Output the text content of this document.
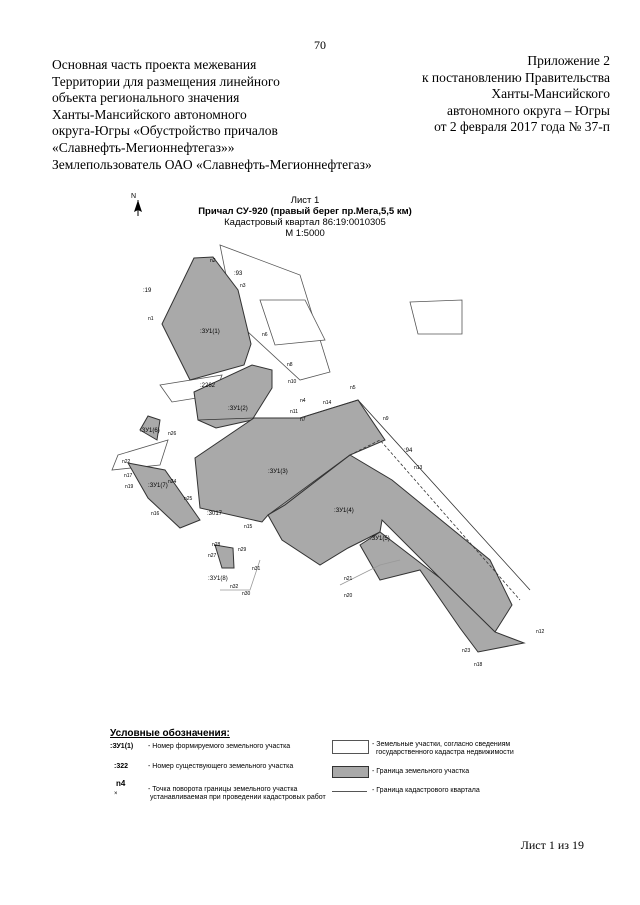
70
Основная часть проекта межевания
Территории для размещения линейного
объекта регионального значения
Ханты-Мансийского автономного
округа-Югры «Обустройство причалов
«Славнефть-Мегионнефтегаз»»
Землепользователь ОАО «Славнефть-Мегионнефтегаз»
Приложение 2
к постановлению Правительства
Ханты-Мансийского
автономного округа – Югры
от 2 февраля 2017 года № 37-п
N
:ЗУ1(1)
:ЗУ1(2)
:ЗУ1(3)
:ЗУ1(4)
:ЗУ1(5)
:ЗУ1(6)
:ЗУ1(7)
:ЗУ1(8)
:19
:93
:2262
:94
:3017
n1
n2
n3
n4
n5
n6
n7
n8
n9
n10
n11
n12
n13
n14
n15
n16
n17
n18
n19
n20
n21
n22
n23
n24
n25
n26
n27
n28
n29
n30
n31
n32
Лист 1
Причал СУ-920 (правый берег пр.Мега,5,5 км)
Кадастровый квартал 86:19:0010305
М 1:5000
Условные обозначения:
:ЗУ1(1) - Номер формируемого земельного участка
:322	- Номер существующего земельного участка
n4
×
- Точка поворота границы земельного участка
устанавливаемая при проведении кадастровых работ
- Земельные участки, согласно сведениям
государственного кадастра недвижимости
- Граница земельного участка
- Граница кадастрового квартала
Лист 1 из 19
